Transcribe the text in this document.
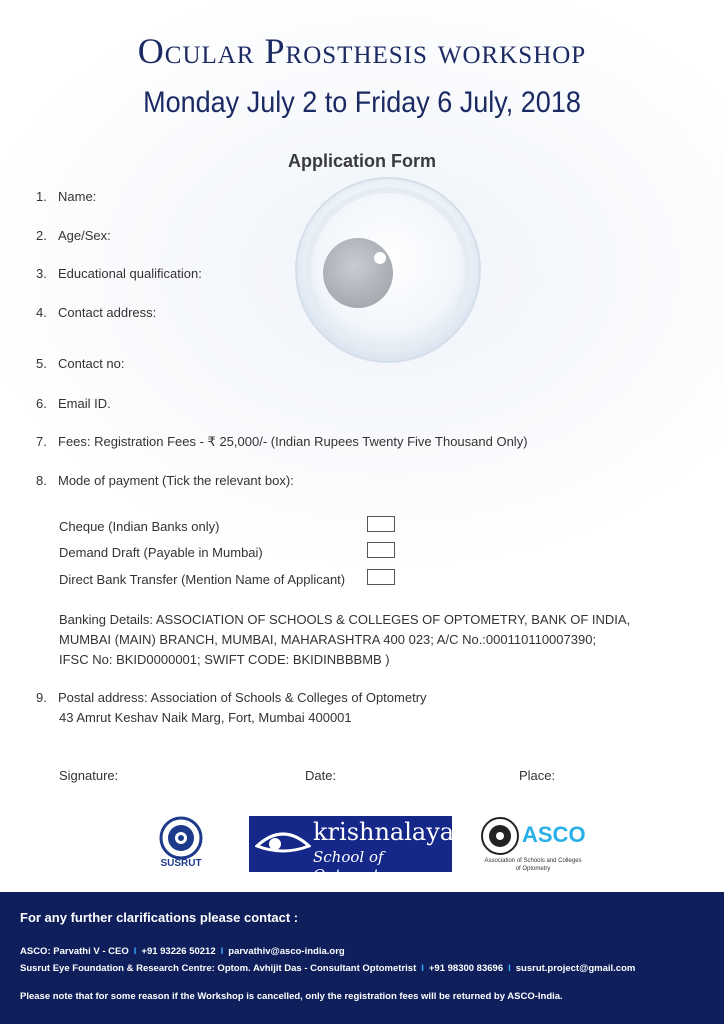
Ocular Prosthesis workshop
Monday July 2 to Friday 6 July, 2018
Application Form
1. Name:
2. Age/Sex:
3. Educational qualification:
4. Contact address:
5. Contact no:
6. Email ID.
7. Fees: Registration Fees - ₹ 25,000/- (Indian Rupees Twenty Five Thousand Only)
8. Mode of payment (Tick the relevant box):
Cheque (Indian Banks only)
Demand Draft (Payable in Mumbai)
Direct Bank Transfer (Mention Name of Applicant)
Banking Details: ASSOCIATION OF SCHOOLS & COLLEGES OF OPTOMETRY, BANK OF INDIA,
MUMBAI (MAIN) BRANCH, MUMBAI, MAHARASHTRA 400 023; A/C No.:000110110007390;
IFSC No: BKID0000001; SWIFT CODE: BKIDINBBBMB )
9. Postal address: Association of Schools & Colleges of Optometry
43 Amrut Keshav Naik Marg, Fort, Mumbai 400001
Signature:	Date:	Place:
SUSRUT
krishnalaya
School of Optometry
ASCO
Association of Schools and Colleges
of Optometry
For any further clarifications please contact :
ASCO: Parvathi V - CEO I +91 93226 50212 I parvathiv@asco-india.org
Susrut Eye Foundation & Research Centre: Optom. Avhijit Das - Consultant Optometrist I +91 98300 83696 I susrut.project@gmail.com
Please note that for some reason if the Workshop is cancelled, only the registration fees will be returned by ASCO-India.
